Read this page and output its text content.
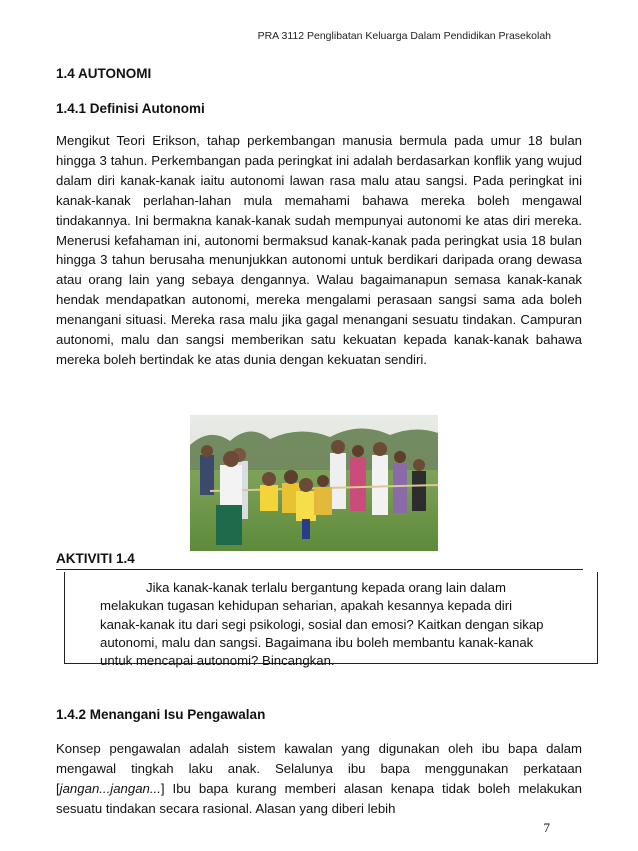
PRA 3112 Penglibatan Keluarga Dalam Pendidikan Prasekolah
1.4 AUTONOMI
1.4.1 Definisi Autonomi

Mengikut Teori Erikson, tahap perkembangan manusia bermula pada umur 18 bulan hingga 3 tahun. Perkembangan pada peringkat ini adalah berdasarkan konflik yang wujud dalam diri kanak-kanak iaitu autonomi lawan rasa malu atau sangsi. Pada peringkat ini kanak-kanak perlahan-lahan mula memahami bahawa mereka boleh mengawal tindakannya. Ini bermakna kanak-kanak sudah mempunyai autonomi ke atas diri mereka. Menerusi kefahaman ini, autonomi bermaksud kanak-kanak pada peringkat usia 18 bulan hingga 3 tahun berusaha menunjukkan autonomi untuk berdikari daripada orang dewasa atau orang lain yang sebaya dengannya. Walau bagaimanapun semasa kanak-kanak hendak mendapatkan autonomi, mereka mengalami perasaan sangsi sama ada boleh menangani situasi. Mereka rasa malu jika gagal menangani sesuatu tindakan. Campuran autonomi, malu dan sangsi memberikan satu kekuatan kepada kanak-kanak bahawa mereka boleh bertindak ke atas dunia dengan kekuatan sendiri.

AKTIVITI 1.4

Jika kanak-kanak terlalu bergantung kepada orang lain dalam melakukan tugasan kehidupan seharian, apakah kesannya kepada diri kanak-kanak itu dari segi psikologi, sosial dan emosi? Kaitkan dengan sikap autonomi, malu dan sangsi. Bagaimana ibu boleh membantu kanak-kanak untuk mencapai autonomi? Bincangkan.

1.4.2 Menangani Isu Pengawalan

Konsep pengawalan adalah sistem kawalan yang digunakan oleh ibu bapa dalam mengawal tingkah laku anak. Selalunya ibu bapa menggunakan perkataan [jangan...jangan...] Ibu bapa kurang memberi alasan kenapa tidak boleh melakukan sesuatu tindakan secara rasional. Alasan yang diberi lebih

7
